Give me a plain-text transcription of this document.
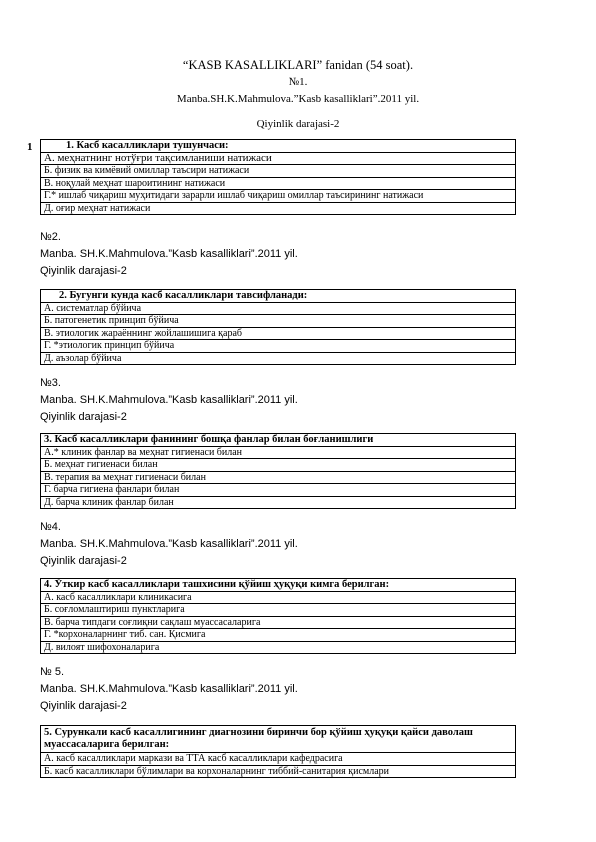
“KASB KASALLIKLARI” fanidan (54 soat).
№1.
Manba.SH.K.Mahmulova.”Kasb kasalliklari”.2011 yil.
Qiyinlik darajasi-2
1	1. Касб касалликлари тушунчаси:
А. меҳнатнинг нотўғри тақсимланиши натижаси
Б. физик ва кимёвий омиллар таъсири натижаси
В. ноқулай меҳнат шароитининг натижаси
Г.* ишлаб чиқариш муҳитидаги зарарли ишлаб чиқариш омиллар таъсирининг натижаси
Д. оғир меҳнат натижаси
№2.
Manba. SH.K.Mahmulova.”Kasb kasalliklari”.2011 yil.
Qiyinlik darajasi-2
2. Бугунги кунда касб касалликлари тавсифланади:
А. систематлар бўйича
Б. патогенетик принцип бўйича
В. этиологик жараённинг жойлашишига қараб
Г. *этиологик принцип бўйича
Д. аъзолар бўйича
№3.
Manba. SH.K.Mahmulova.”Kasb kasalliklari”.2011 yil.
Qiyinlik darajasi-2
3. Касб касалликлари фанининг бошқа фанлар билан боғланишлиги
А.* клиник фанлар ва меҳнат гигиенаси билан
Б. меҳнат гигиенаси билан
В. терапия ва меҳнат гигиенаси билан
Г. барча гигиена фанлари билан
Д. барча клиник фанлар билан
№4.
Manba. SH.K.Mahmulova.”Kasb kasalliklari”.2011 yil.
Qiyinlik darajasi-2
4. Ўткир касб касалликлари ташхисини қўйиш ҳуқуқи кимга берилган:
А. касб касалликлари клиникасига
Б. соғломлаштириш пунктларига
В. барча типдаги соғлиқни сақлаш муассасаларига
Г. *корхоналарнинг тиб. сан. Қисмига
Д. вилоят шифохоналарига
№ 5.
Manba. SH.K.Mahmulova.”Kasb kasalliklari”.2011 yil.
Qiyinlik darajasi-2
5. Сурункали касб касаллигининг диагнозини биринчи бор қўйиш ҳуқуқи қайси даволаш муассасаларига берилган:
А. касб касалликлари маркази ва ТТА касб касалликлари кафедрасига
Б. касб касалликлари бўлимлари ва корхоналарнинг тиббий-санитария қисмлари
